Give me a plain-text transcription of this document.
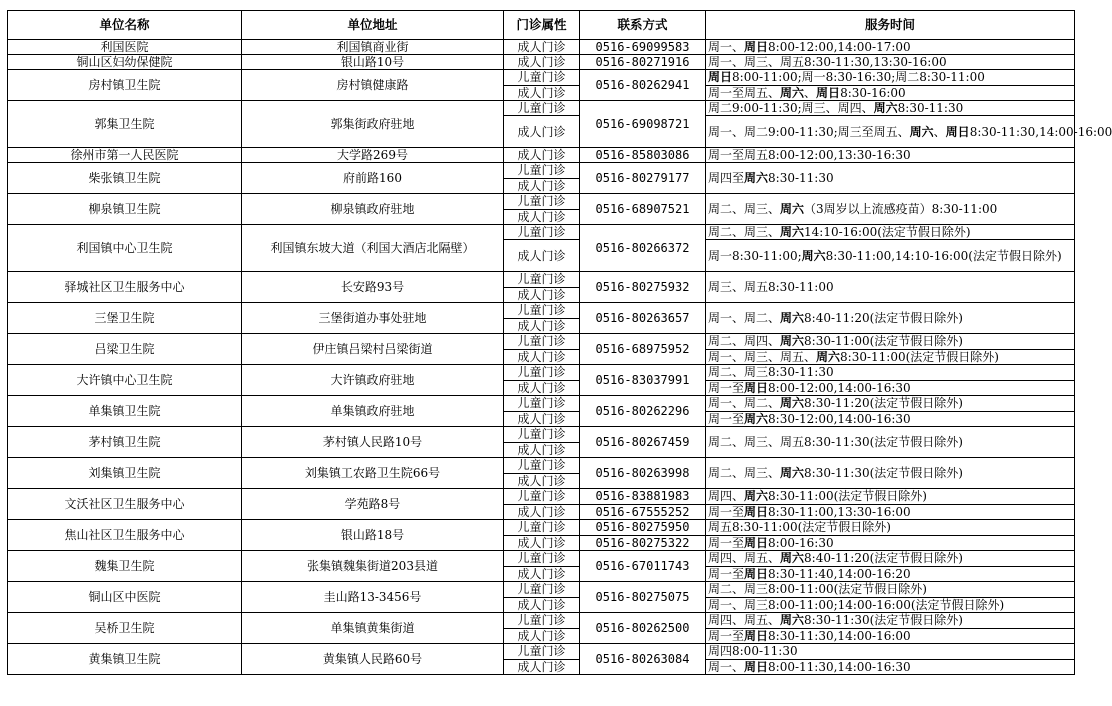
单位名称	单位地址	门诊属性	联系方式	服务时间
利国医院	利国镇商业街	成人门诊	0516-69099583	周一、周日8:00-12:00,14:00-17:00
铜山区妇幼保健院	银山路10号	成人门诊	0516-80271916	周一、周三、周五8:30-11:30,13:30-16:00
房村镇卫生院	房村镇健康路	儿童门诊	0516-80262941	周日8:00-11:00;周一8:30-16:30;周二8:30-11:00
		成人门诊		周一至周五、周六、周日8:30-16:00
郭集卫生院	郭集街政府驻地	儿童门诊	0516-69098721	周二9:00-11:30;周三、周四、周六8:30-11:30
		成人门诊		周一、周二9:00-11:30;周三至周五、周六、周日8:30-11:30,14:00-16:00
徐州市第一人民医院	大学路269号	成人门诊	0516-85803086	周一至周五8:00-12:00,13:30-16:30
柴张镇卫生院	府前路160	儿童门诊	0516-80279177	周四至周六8:30-11:30
		成人门诊		
柳泉镇卫生院	柳泉镇政府驻地	儿童门诊	0516-68907521	周二、周三、周六（3周岁以上流感疫苗）8:30-11:00
		成人门诊		
利国镇中心卫生院	利国镇东坡大道（利国大酒店北隔壁）	儿童门诊	0516-80266372	周二、周三、周六14:10-16:00(法定节假日除外)
		成人门诊		周一8:30-11:00;周六8:30-11:00,14:10-16:00(法定节假日除外)
驿城社区卫生服务中心	长安路93号	儿童门诊	0516-80275932	周三、周五8:30-11:00
		成人门诊		
三堡卫生院	三堡街道办事处驻地	儿童门诊	0516-80263657	周一、周二、周六8:40-11:20(法定节假日除外)
		成人门诊		
吕梁卫生院	伊庄镇吕梁村吕梁街道	儿童门诊	0516-68975952	周二、周四、周六8:30-11:00(法定节假日除外)
		成人门诊		周一、周三、周五、周六8:30-11:00(法定节假日除外)
大许镇中心卫生院	大许镇政府驻地	儿童门诊	0516-83037991	周二、周三8:30-11:30
		成人门诊		周一至周日8:00-12:00,14:00-16:30
单集镇卫生院	单集镇政府驻地	儿童门诊	0516-80262296	周一、周二、周六8:30-11:20(法定节假日除外)
		成人门诊		周一至周六8:30-12:00,14:00-16:30
茅村镇卫生院	茅村镇人民路10号	儿童门诊	0516-80267459	周二、周三、周五8:30-11:30(法定节假日除外)
		成人门诊		
刘集镇卫生院	刘集镇工农路卫生院66号	儿童门诊	0516-80263998	周二、周三、周六8:30-11:30(法定节假日除外)
		成人门诊		
文沃社区卫生服务中心	学苑路8号	儿童门诊	0516-83881983	周四、周六8:30-11:00(法定节假日除外)
		成人门诊	0516-67555252	周一至周日8:30-11:00,13:30-16:00
焦山社区卫生服务中心	银山路18号	儿童门诊	0516-80275950	周五8:30-11:00(法定节假日除外)
		成人门诊	0516-80275322	周一至周日8:00-16:30
魏集卫生院	张集镇魏集街道203县道	儿童门诊	0516-67011743	周四、周五、周六8:40-11:20(法定节假日除外)
		成人门诊		周一至周日8:30-11:40,14:00-16:20
铜山区中医院	圭山路13-3456号	儿童门诊	0516-80275075	周二、周三8:00-11:00(法定节假日除外)
		成人门诊		周一、周三8:00-11:00;14:00-16:00(法定节假日除外)
吴桥卫生院	单集镇黄集街道	儿童门诊	0516-80262500	周四、周五、周六8:30-11:30(法定节假日除外)
		成人门诊		周一至周日8:30-11:30,14:00-16:00
黄集镇卫生院	黄集镇人民路60号	儿童门诊	0516-80263084	周四8:00-11:30
		成人门诊		周一、周日8:00-11:30,14:00-16:30
